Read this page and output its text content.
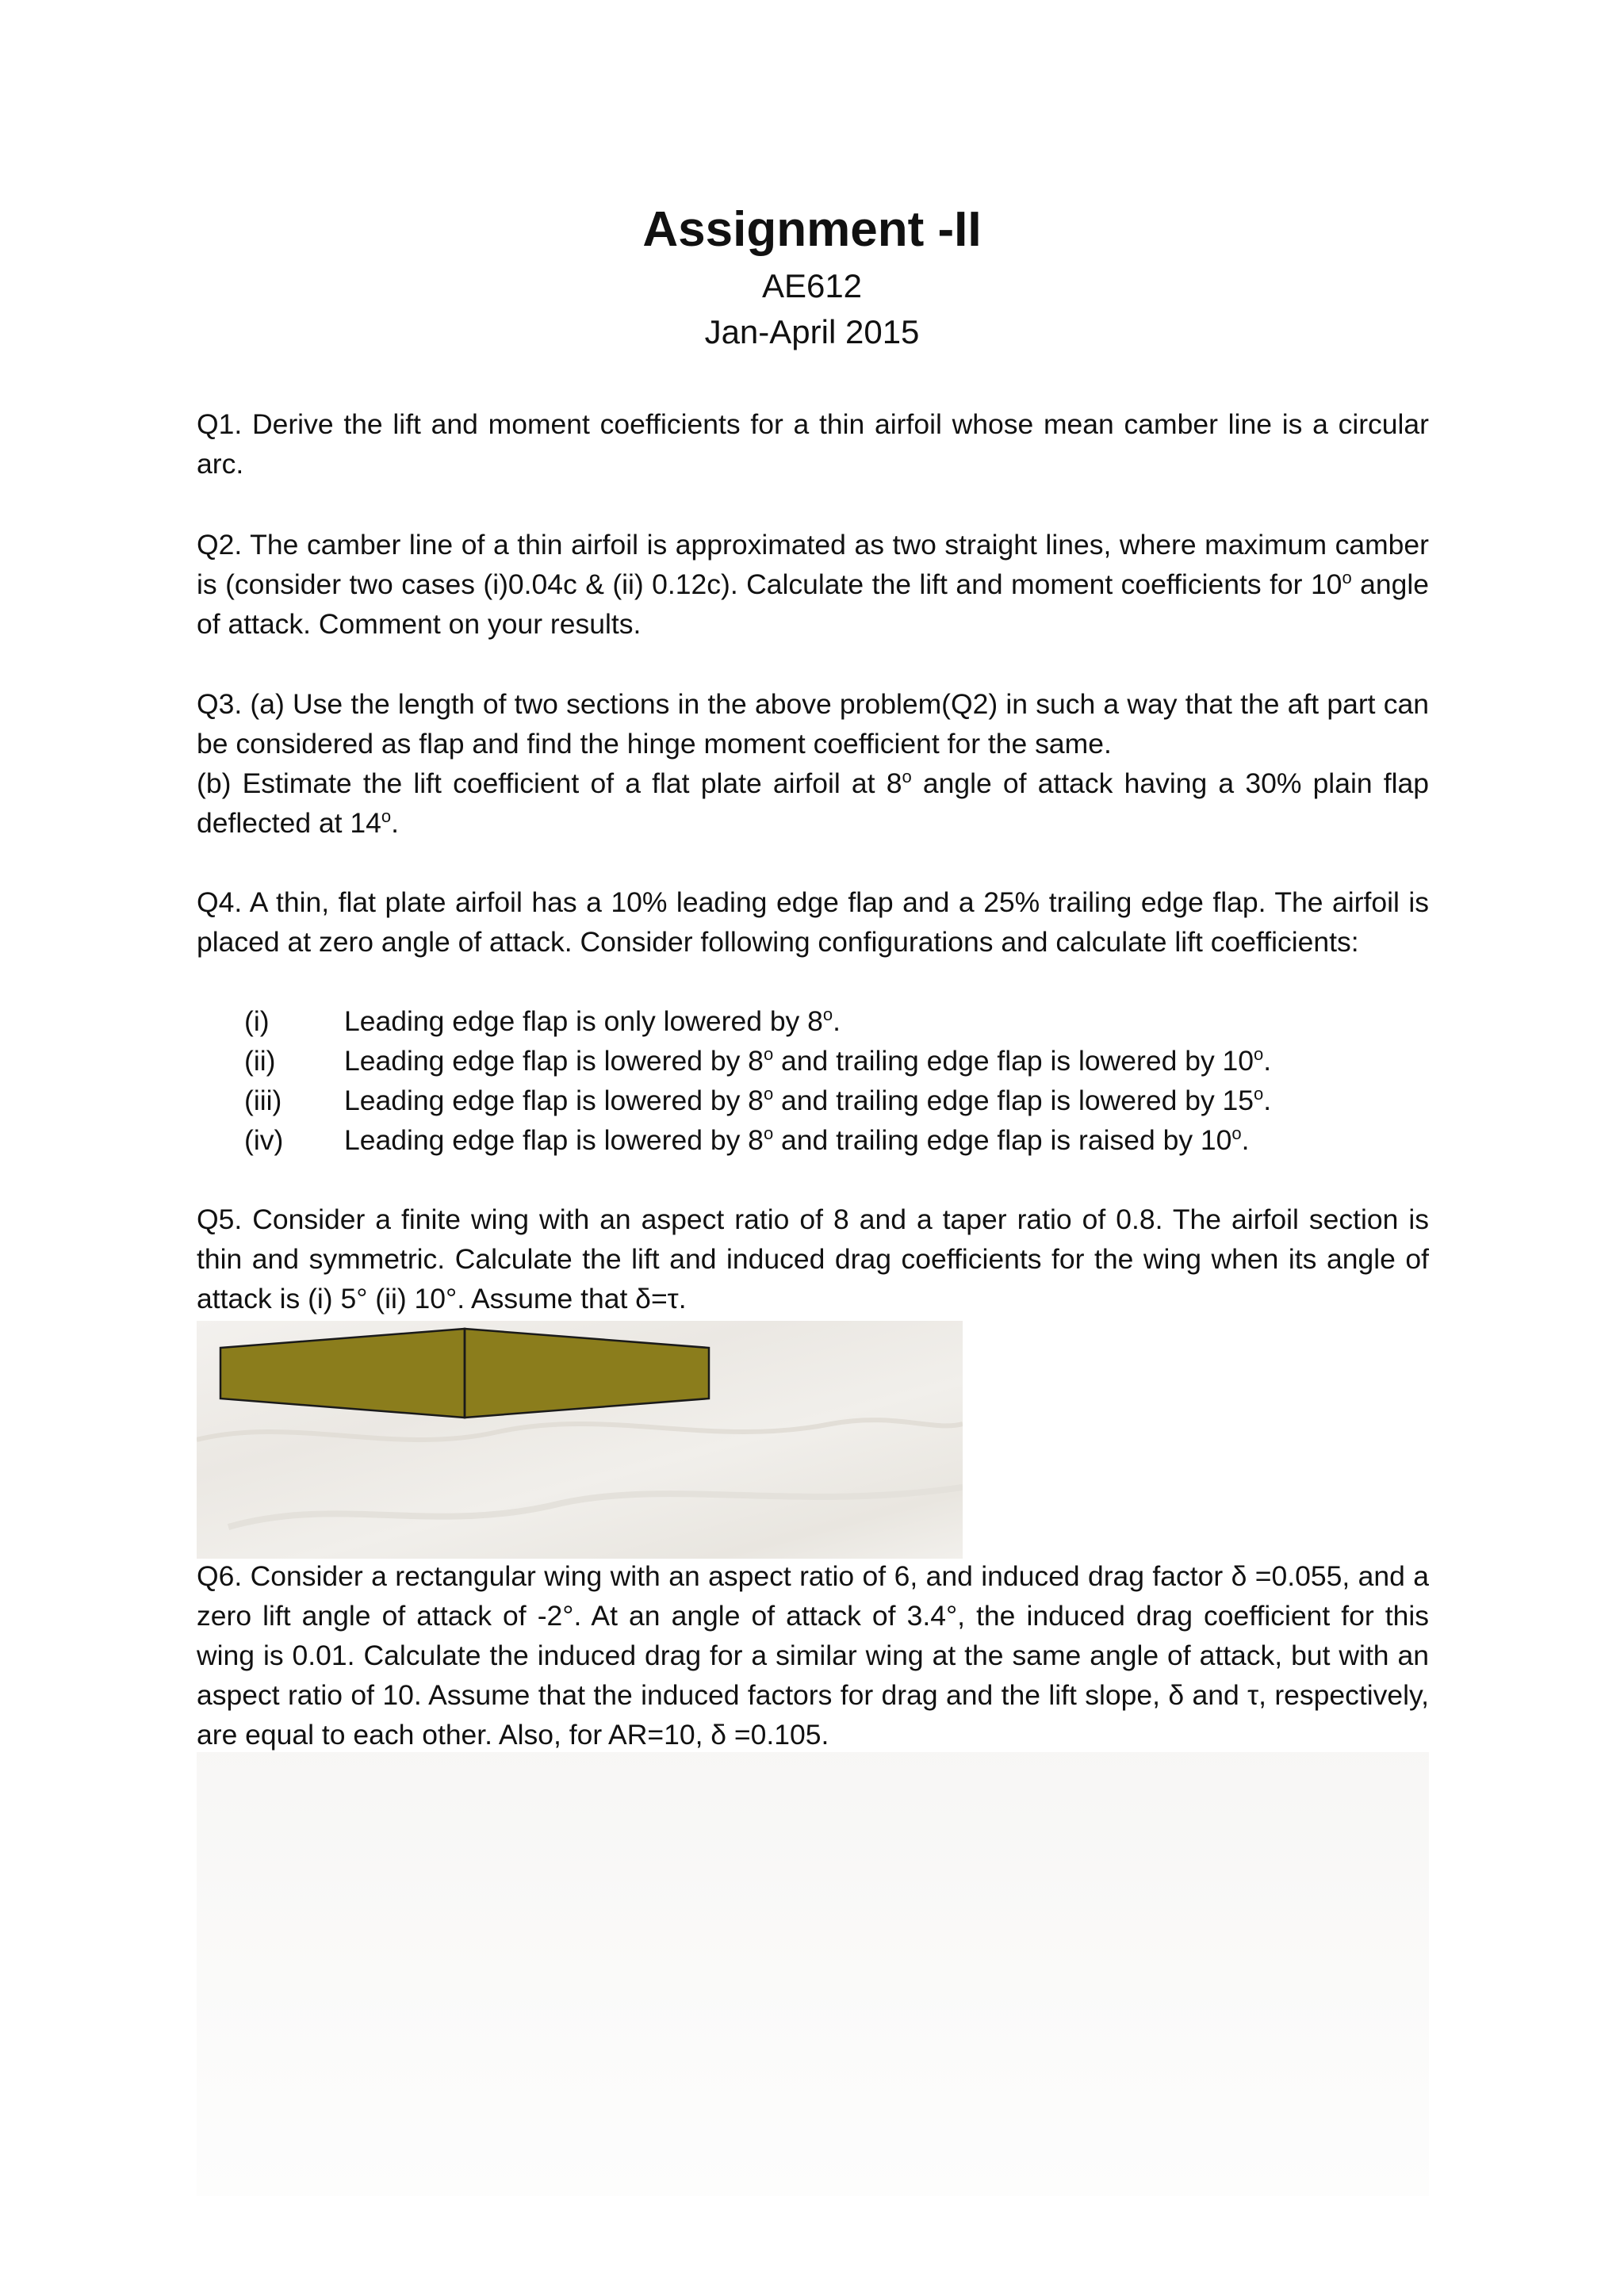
Assignment -II
AE612
Jan-April 2015

Q1. Derive the lift and moment coefficients for a thin airfoil whose mean camber line is a circular arc.

Q2. The camber line of a thin airfoil is approximated as two straight lines, where maximum camber is (consider two cases (i)0.04c & (ii) 0.12c). Calculate the lift and moment coefficients for 10$^o$ angle of attack. Comment on your results.

Q3. (a) Use the length of two sections in the above problem(Q2) in such a way that the aft part can be considered as flap and find the hinge moment coefficient for the same.

(b) Estimate the lift coefficient of a flat plate airfoil at 8$^o$ angle of attack having a 30% plain flap deflected at 14$^o$.

Q4. A thin, flat plate airfoil has a 10% leading edge flap and a 25% trailing edge flap. The airfoil is placed at zero angle of attack. Consider following configurations and calculate lift coefficients:

(i)	Leading edge flap is only lowered by 8$^o$.
(ii)	Leading edge flap is lowered by 8$^o$ and trailing edge flap is lowered by 10$^o$.
(iii)	Leading edge flap is lowered by 8$^o$ and trailing edge flap is lowered by 15$^o$.
(iv)	Leading edge flap is lowered by 8$^o$ and trailing edge flap is raised by 10$^o$.

Q5. Consider a finite wing with an aspect ratio of 8 and a taper ratio of 0.8. The airfoil section is thin and symmetric. Calculate the lift and induced drag coefficients for the wing when its angle of attack is (i) 5° (ii) 10°. Assume that δ=τ.

Q6. Consider a rectangular wing with an aspect ratio of 6, and induced drag factor δ =0.055, and a zero lift angle of attack of -2°. At an angle of attack of 3.4°, the induced drag coefficient for this wing is 0.01. Calculate the induced drag for a similar wing at the same angle of attack, but with an aspect ratio of 10. Assume that the induced factors for drag and the lift slope, δ and τ, respectively, are equal to each other. Also, for AR=10, δ =0.105.
